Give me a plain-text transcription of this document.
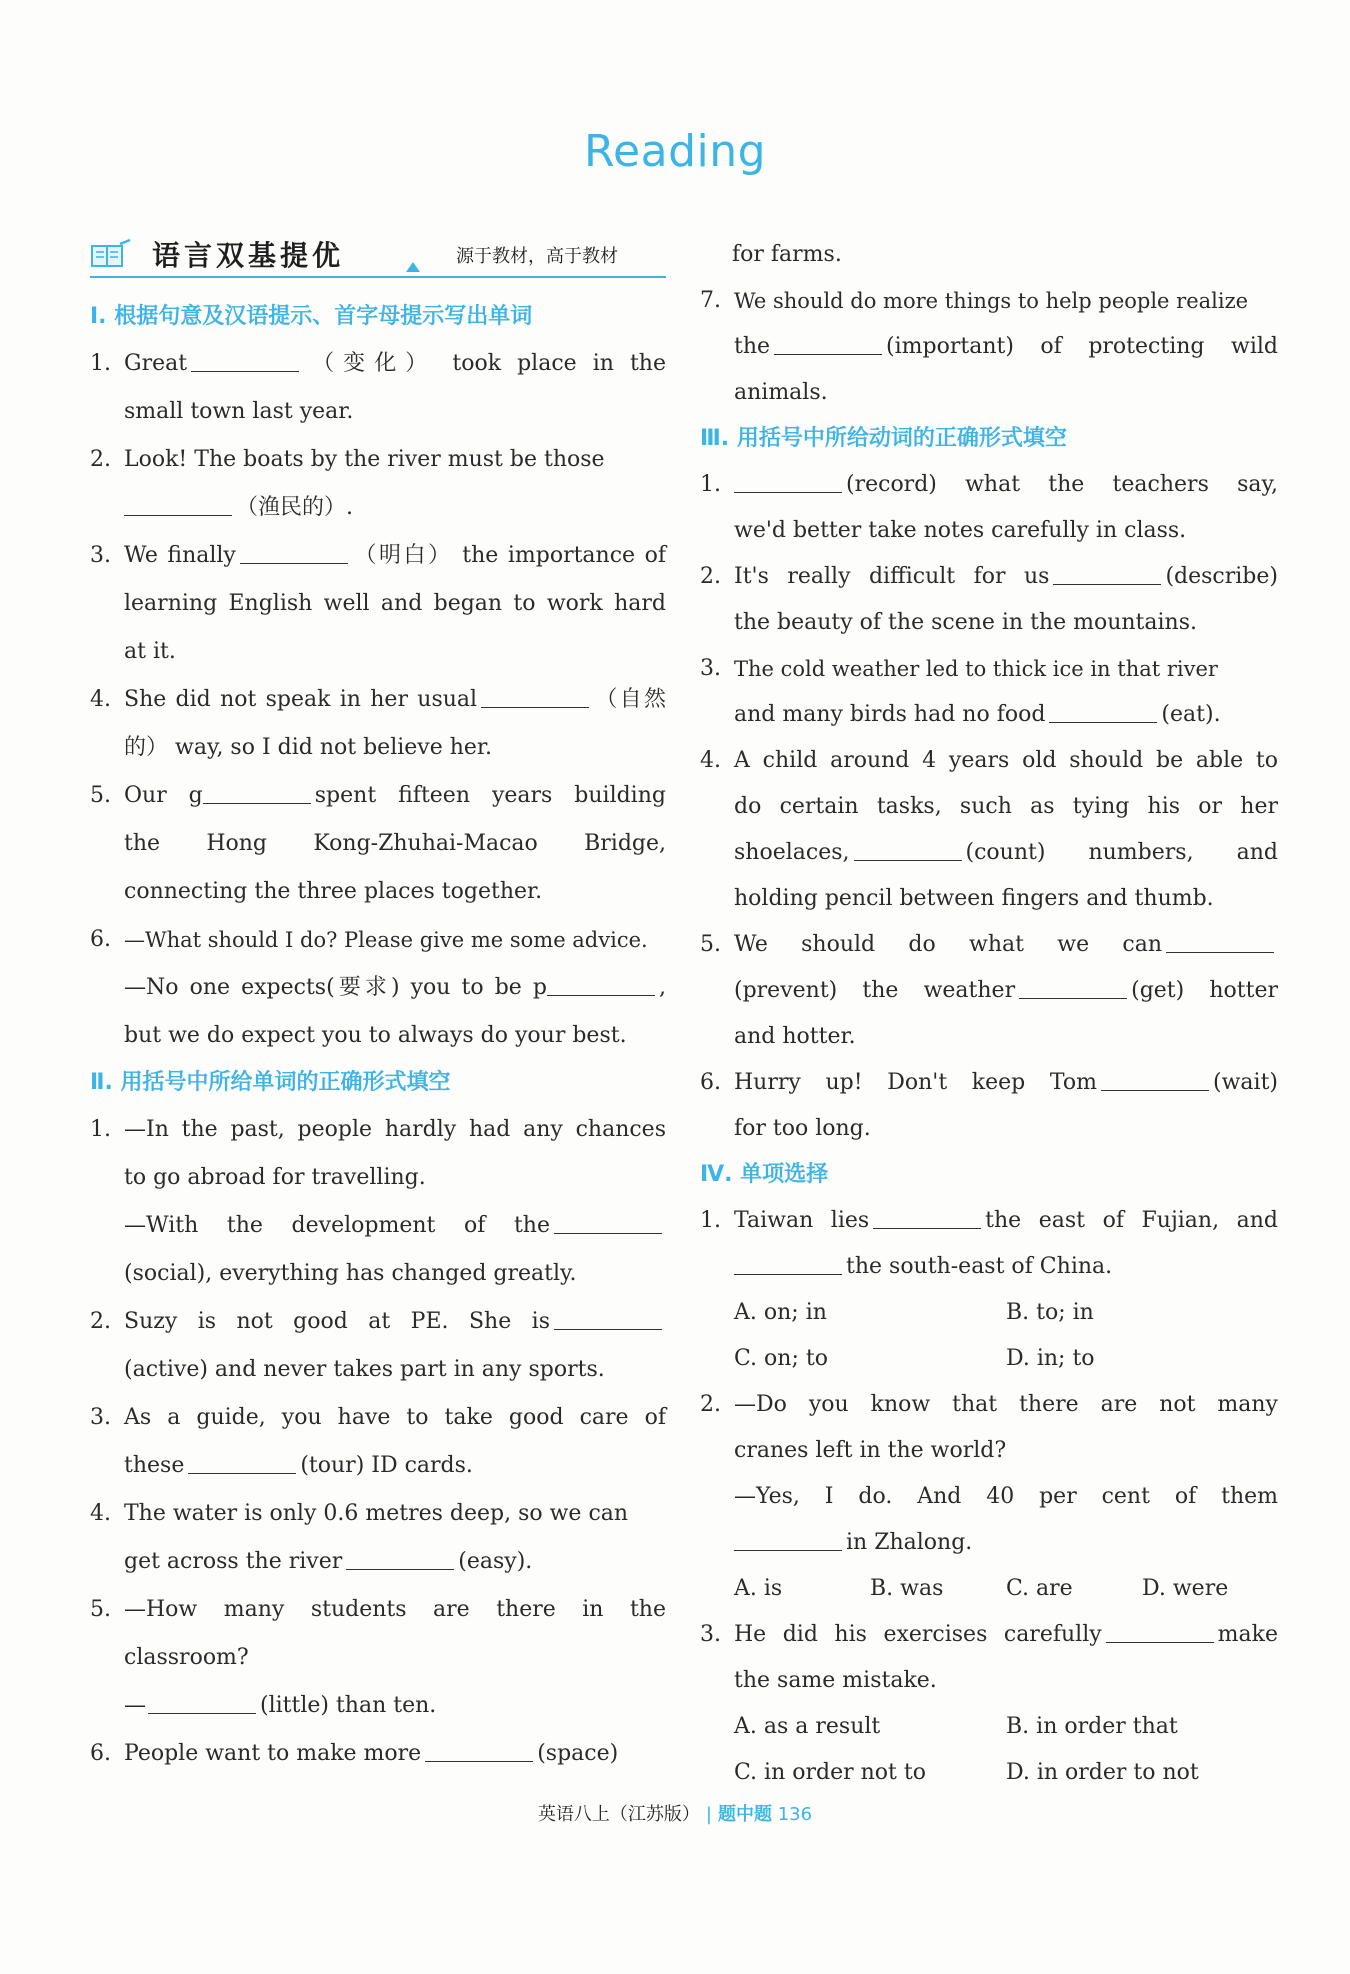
Reading
语言双基提优	源于教材，高于教材
Ⅰ. 根据句意及汉语提示、首字母提示写出单词
1. Great	（变化） took place in the
small town last year.
2. Look! The boats by the river must be those
（渔民的）.
3. We finally	（明白） the importance of
learning English well and began to work hard
at it.
4. She did not speak in her usual	（自然
的） way, so I did not believe her.
5. Our g	spent fifteen years building
the Hong Kong-Zhuhai-Macao Bridge,
connecting the three places together.
6. —What should I do? Please give me some advice.
—No one expects(要求) you to be p	,
but we do expect you to always do your best.
Ⅱ. 用括号中所给单词的正确形式填空
1. —In the past, people hardly had any chances
to go abroad for travelling.
—With the development of the
(social), everything has changed greatly.
2. Suzy is not good at PE. She is
(active) and never takes part in any sports.
3. As a guide, you have to take good care of
these	(tour) ID cards.
4. The water is only 0.6 metres deep, so we can
get across the river	(easy).
5. —How many students are there in the
classroom?
—	(little) than ten.
6. People want to make more	(space)
for farms.
7. We should do more things to help people realize
the	(important) of protecting wild
animals.
Ⅲ. 用括号中所给动词的正确形式填空
1.	(record) what the teachers say,
we'd better take notes carefully in class.
2. It's really difficult for us	(describe)
the beauty of the scene in the mountains.
3. The cold weather led to thick ice in that river
and many birds had no food	(eat).
4. A child around 4 years old should be able to
do certain tasks, such as tying his or her
shoelaces,	(count) numbers, and
holding pencil between fingers and thumb.
5. We should do what we can
(prevent) the weather	(get) hotter
and hotter.
6. Hurry up! Don't keep Tom	(wait)
for too long.
Ⅳ. 单项选择
1. Taiwan lies	the east of Fujian, and
the south-east of China.
A. on; in	B. to; in
C. on; to	D. in; to
2. —Do you know that there are not many
cranes left in the world?
—Yes, I do. And 40 per cent of them
in Zhalong.
A. is	B. was	C. are	D. were
3. He did his exercises carefully	make
the same mistake.
A. as a result	B. in order that
C. in order not to	D. in order to not
英语八上（江苏版） | 题中题 136
